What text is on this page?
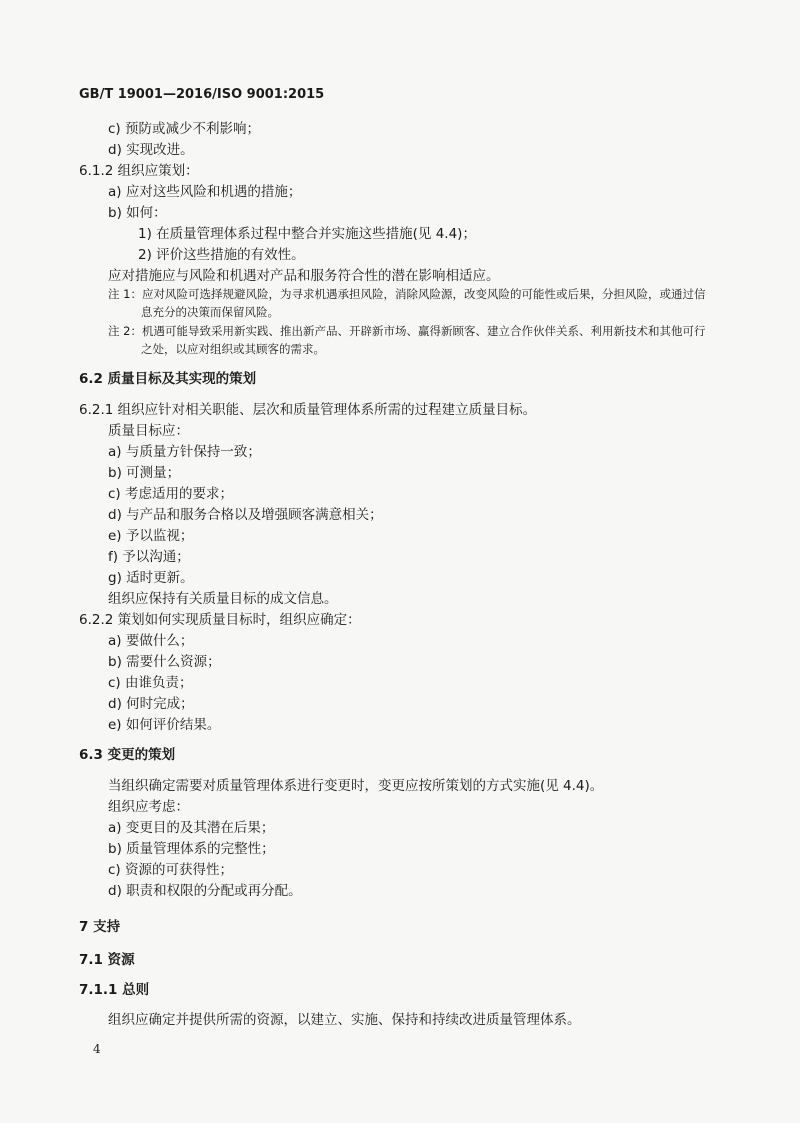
GB/T 19001—2016/ISO 9001:2015
c) 预防或减少不利影响；
d) 实现改进。
6.1.2 组织应策划：
a) 应对这些风险和机遇的措施；
b) 如何：
1) 在质量管理体系过程中整合并实施这些措施(见 4.4)；
2) 评价这些措施的有效性。
应对措施应与风险和机遇对产品和服务符合性的潜在影响相适应。
注 1：应对风险可选择规避风险，为寻求机遇承担风险，消除风险源，改变风险的可能性或后果，分担风险，或通过信
息充分的决策而保留风险。
注 2：机遇可能导致采用新实践、推出新产品、开辟新市场、赢得新顾客、建立合作伙伴关系、利用新技术和其他可行
之处，以应对组织或其顾客的需求。
6.2 质量目标及其实现的策划
6.2.1 组织应针对相关职能、层次和质量管理体系所需的过程建立质量目标。
质量目标应：
a) 与质量方针保持一致；
b) 可测量；
c) 考虑适用的要求；
d) 与产品和服务合格以及增强顾客满意相关；
e) 予以监视；
f) 予以沟通；
g) 适时更新。
组织应保持有关质量目标的成文信息。
6.2.2 策划如何实现质量目标时，组织应确定：
a) 要做什么；
b) 需要什么资源；
c) 由谁负责；
d) 何时完成；
e) 如何评价结果。
6.3 变更的策划
当组织确定需要对质量管理体系进行变更时，变更应按所策划的方式实施(见 4.4)。
组织应考虑：
a) 变更目的及其潜在后果；
b) 质量管理体系的完整性；
c) 资源的可获得性；
d) 职责和权限的分配或再分配。
7 支持
7.1 资源
7.1.1 总则
组织应确定并提供所需的资源，以建立、实施、保持和持续改进质量管理体系。
4
